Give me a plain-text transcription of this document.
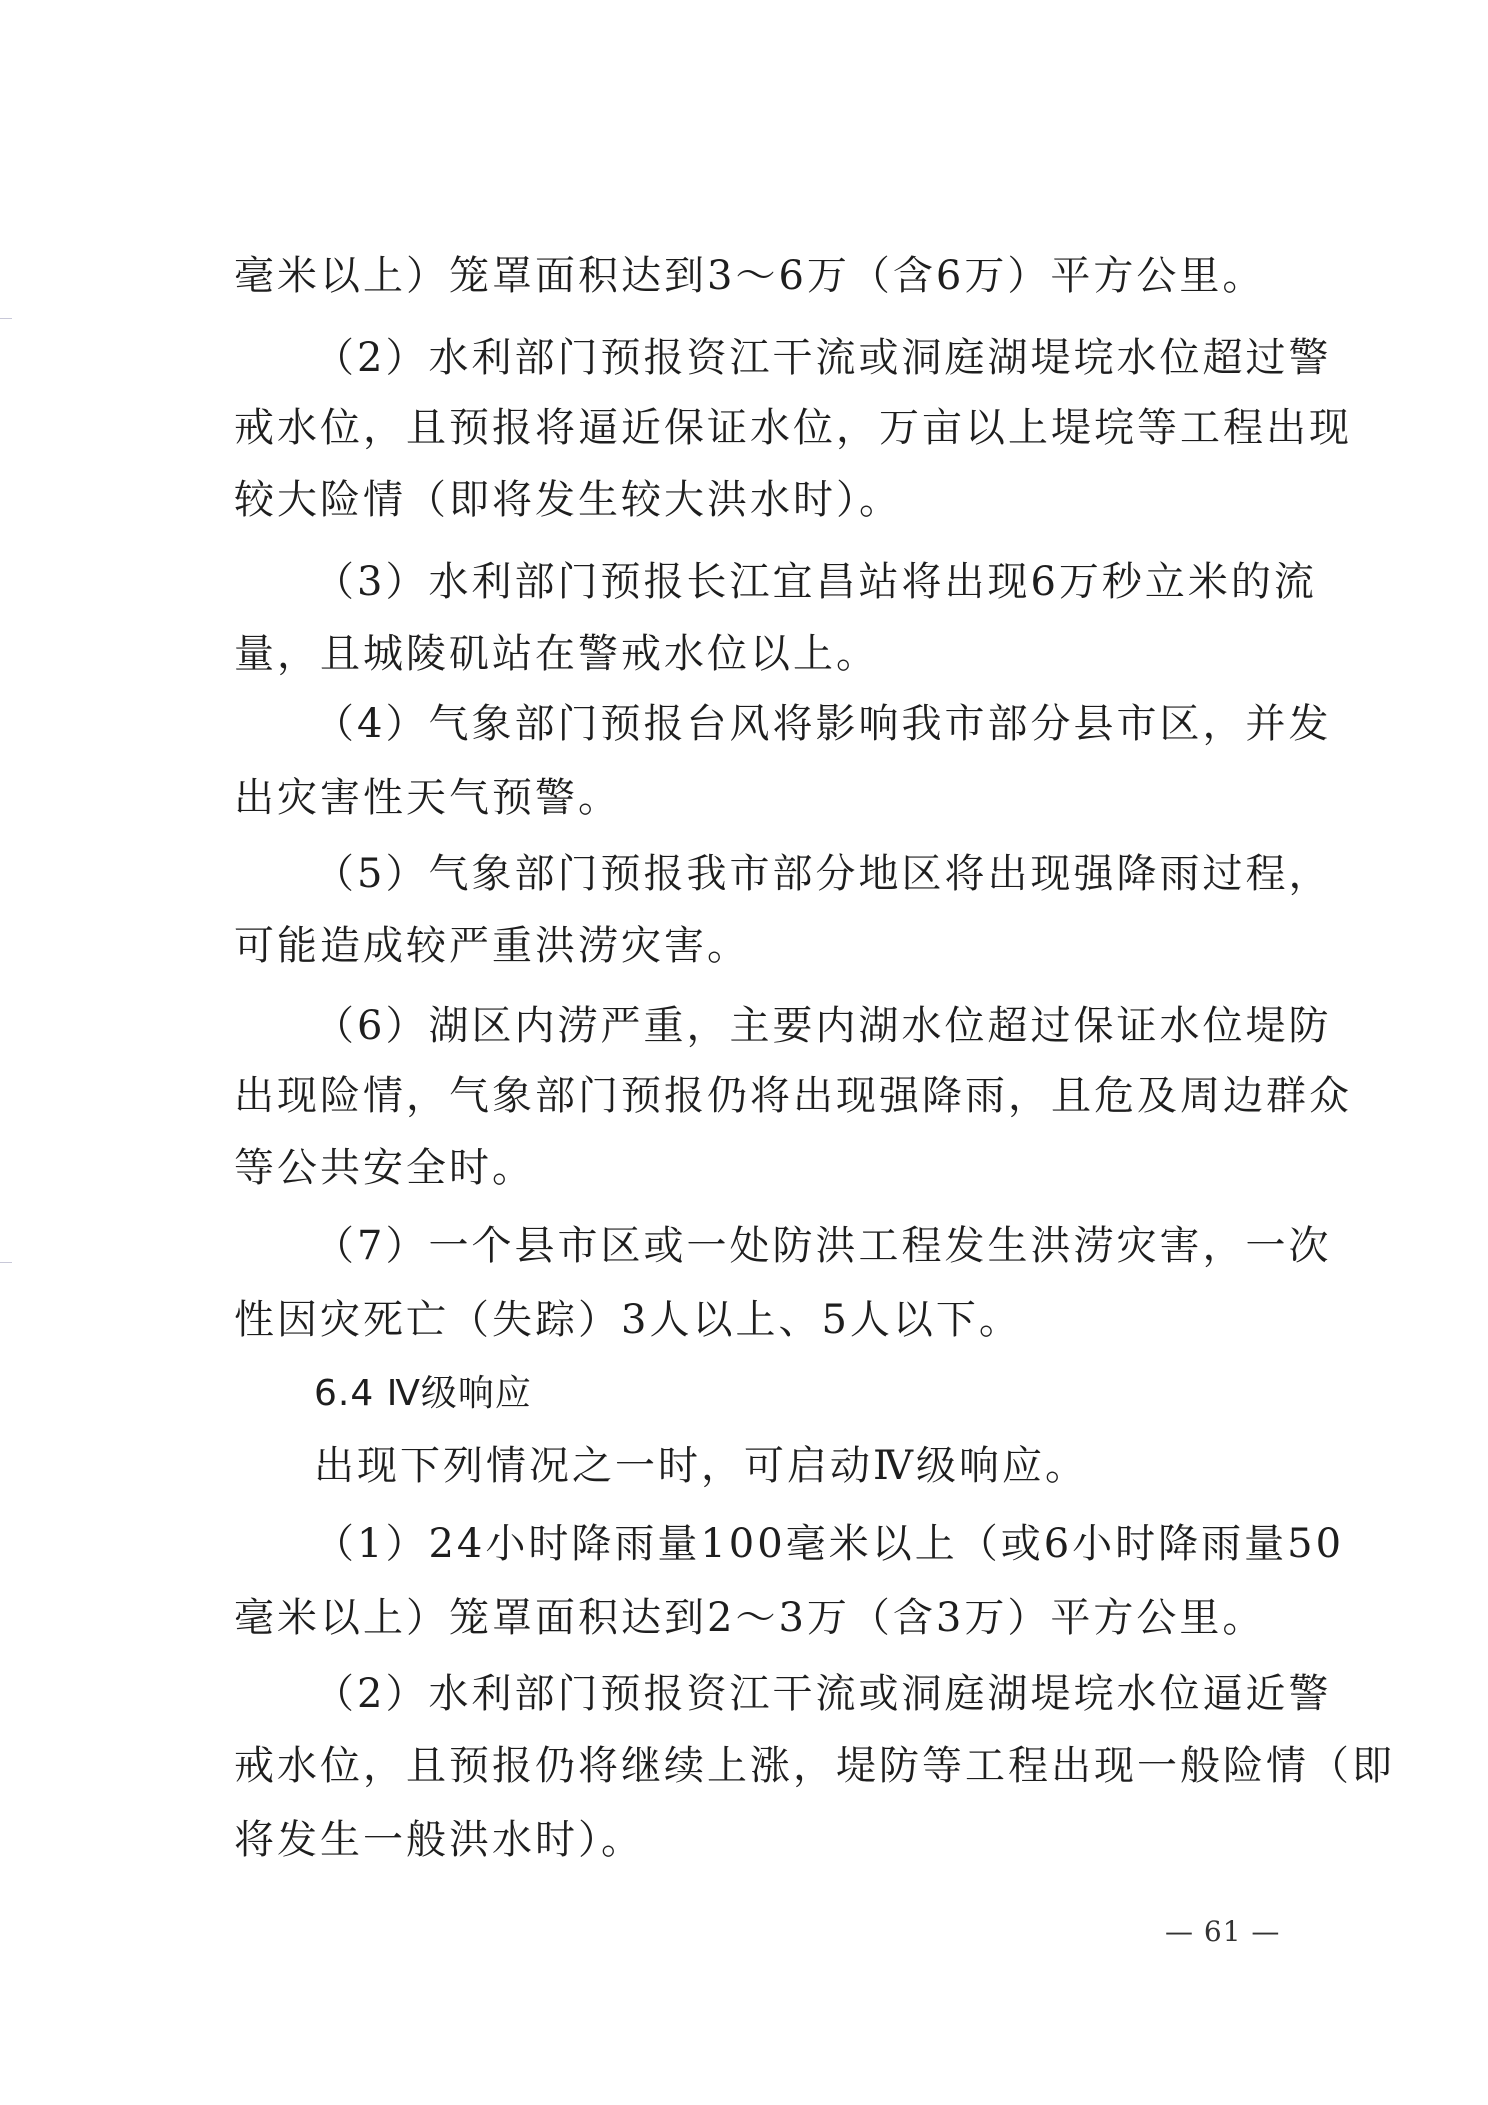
毫米以上）笼罩面积达到3～6万（含6万）平方公里。
（2）水利部门预报资江干流或洞庭湖堤垸水位超过警
戒水位，且预报将逼近保证水位，万亩以上堤垸等工程出现
较大险情（即将发生较大洪水时）。
（3）水利部门预报长江宜昌站将出现6万秒立米的流
量，且城陵矶站在警戒水位以上。
（4）气象部门预报台风将影响我市部分县市区，并发
出灾害性天气预警。
（5）气象部门预报我市部分地区将出现强降雨过程，
可能造成较严重洪涝灾害。
（6）湖区内涝严重，主要内湖水位超过保证水位堤防
出现险情，气象部门预报仍将出现强降雨，且危及周边群众
等公共安全时。
（7）一个县市区或一处防洪工程发生洪涝灾害，一次
性因灾死亡（失踪）3人以上、5人以下。
6.4 Ⅳ级响应
出现下列情况之一时，可启动Ⅳ级响应。
（1）24小时降雨量100毫米以上（或6小时降雨量50
毫米以上）笼罩面积达到2～3万（含3万）平方公里。
（2）水利部门预报资江干流或洞庭湖堤垸水位逼近警
戒水位，且预报仍将继续上涨，堤防等工程出现一般险情（即
将发生一般洪水时）。
— 61 —
